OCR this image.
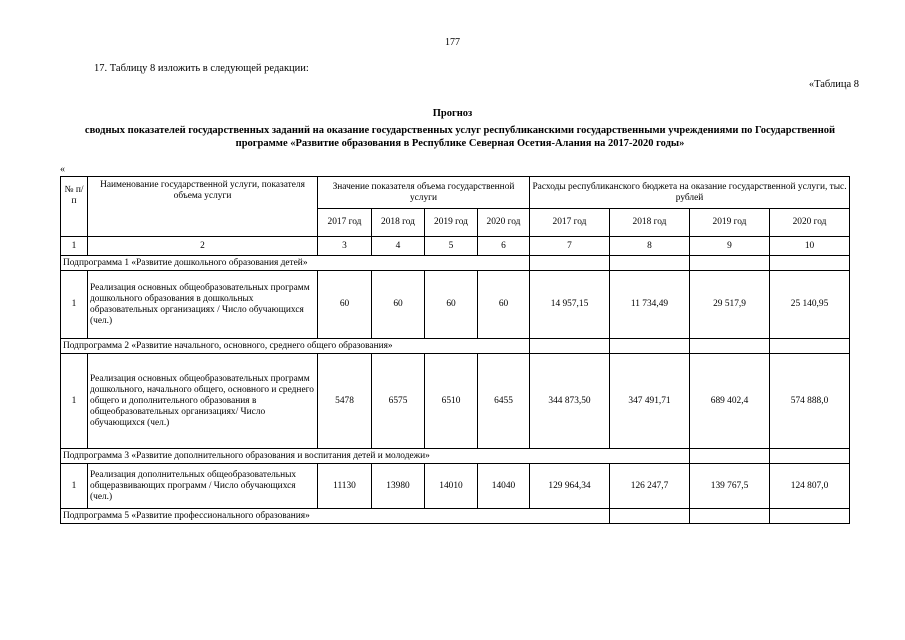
177
17. Таблицу 8 изложить в следующей редакции:
«Таблица 8
Прогноз
сводных показателей государственных заданий на оказание государственных услуг республиканскими государственными учреждениями по Государственной программе «Развитие образования в Республике Северная Осетия-Алания на 2017-2020 годы»
«
№ п/п	Наименование государственной услуги, показателя объема услуги	Значение показателя объема государственной услуги				Расходы республиканского бюджета на оказание государственной услуги, тыс. рублей			
		2017 год	2018 год	2019 год	2020 год	2017 год	2018 год	2019 год	2020 год
1	2	3	4	5	6	7	8	9	10
Подпрограмма 1 «Развитие дошкольного образования детей»									
1	Реализация основных общеобразовательных программ дошкольного образования в дошкольных образовательных организациях / Число обучающихся (чел.)	60	60	60	60	14 957,15	11 734,49	29 517,9	25 140,95
Подпрограмма 2 «Развитие начального, основного, среднего общего образования»									
1	Реализация основных общеобразовательных программ дошкольного, начального общего, основного и среднего общего и дополнительного образования в общеобразовательных организациях/ Число обучающихся (чел.)	5478	6575	6510	6455	344 873,50	347 491,71	689 402,4	574 888,0
Подпрограмма 3 «Развитие дополнительного образования и воспитания детей и молодежи»									
1	Реализация дополнительных общеобразовательных общеразвивающих программ / Число обучающихся (чел.)	11130	13980	14010	14040	129 964,34	126 247,7	139 767,5	124 807,0
Подпрограмма 5 «Развитие профессионального образования»									
